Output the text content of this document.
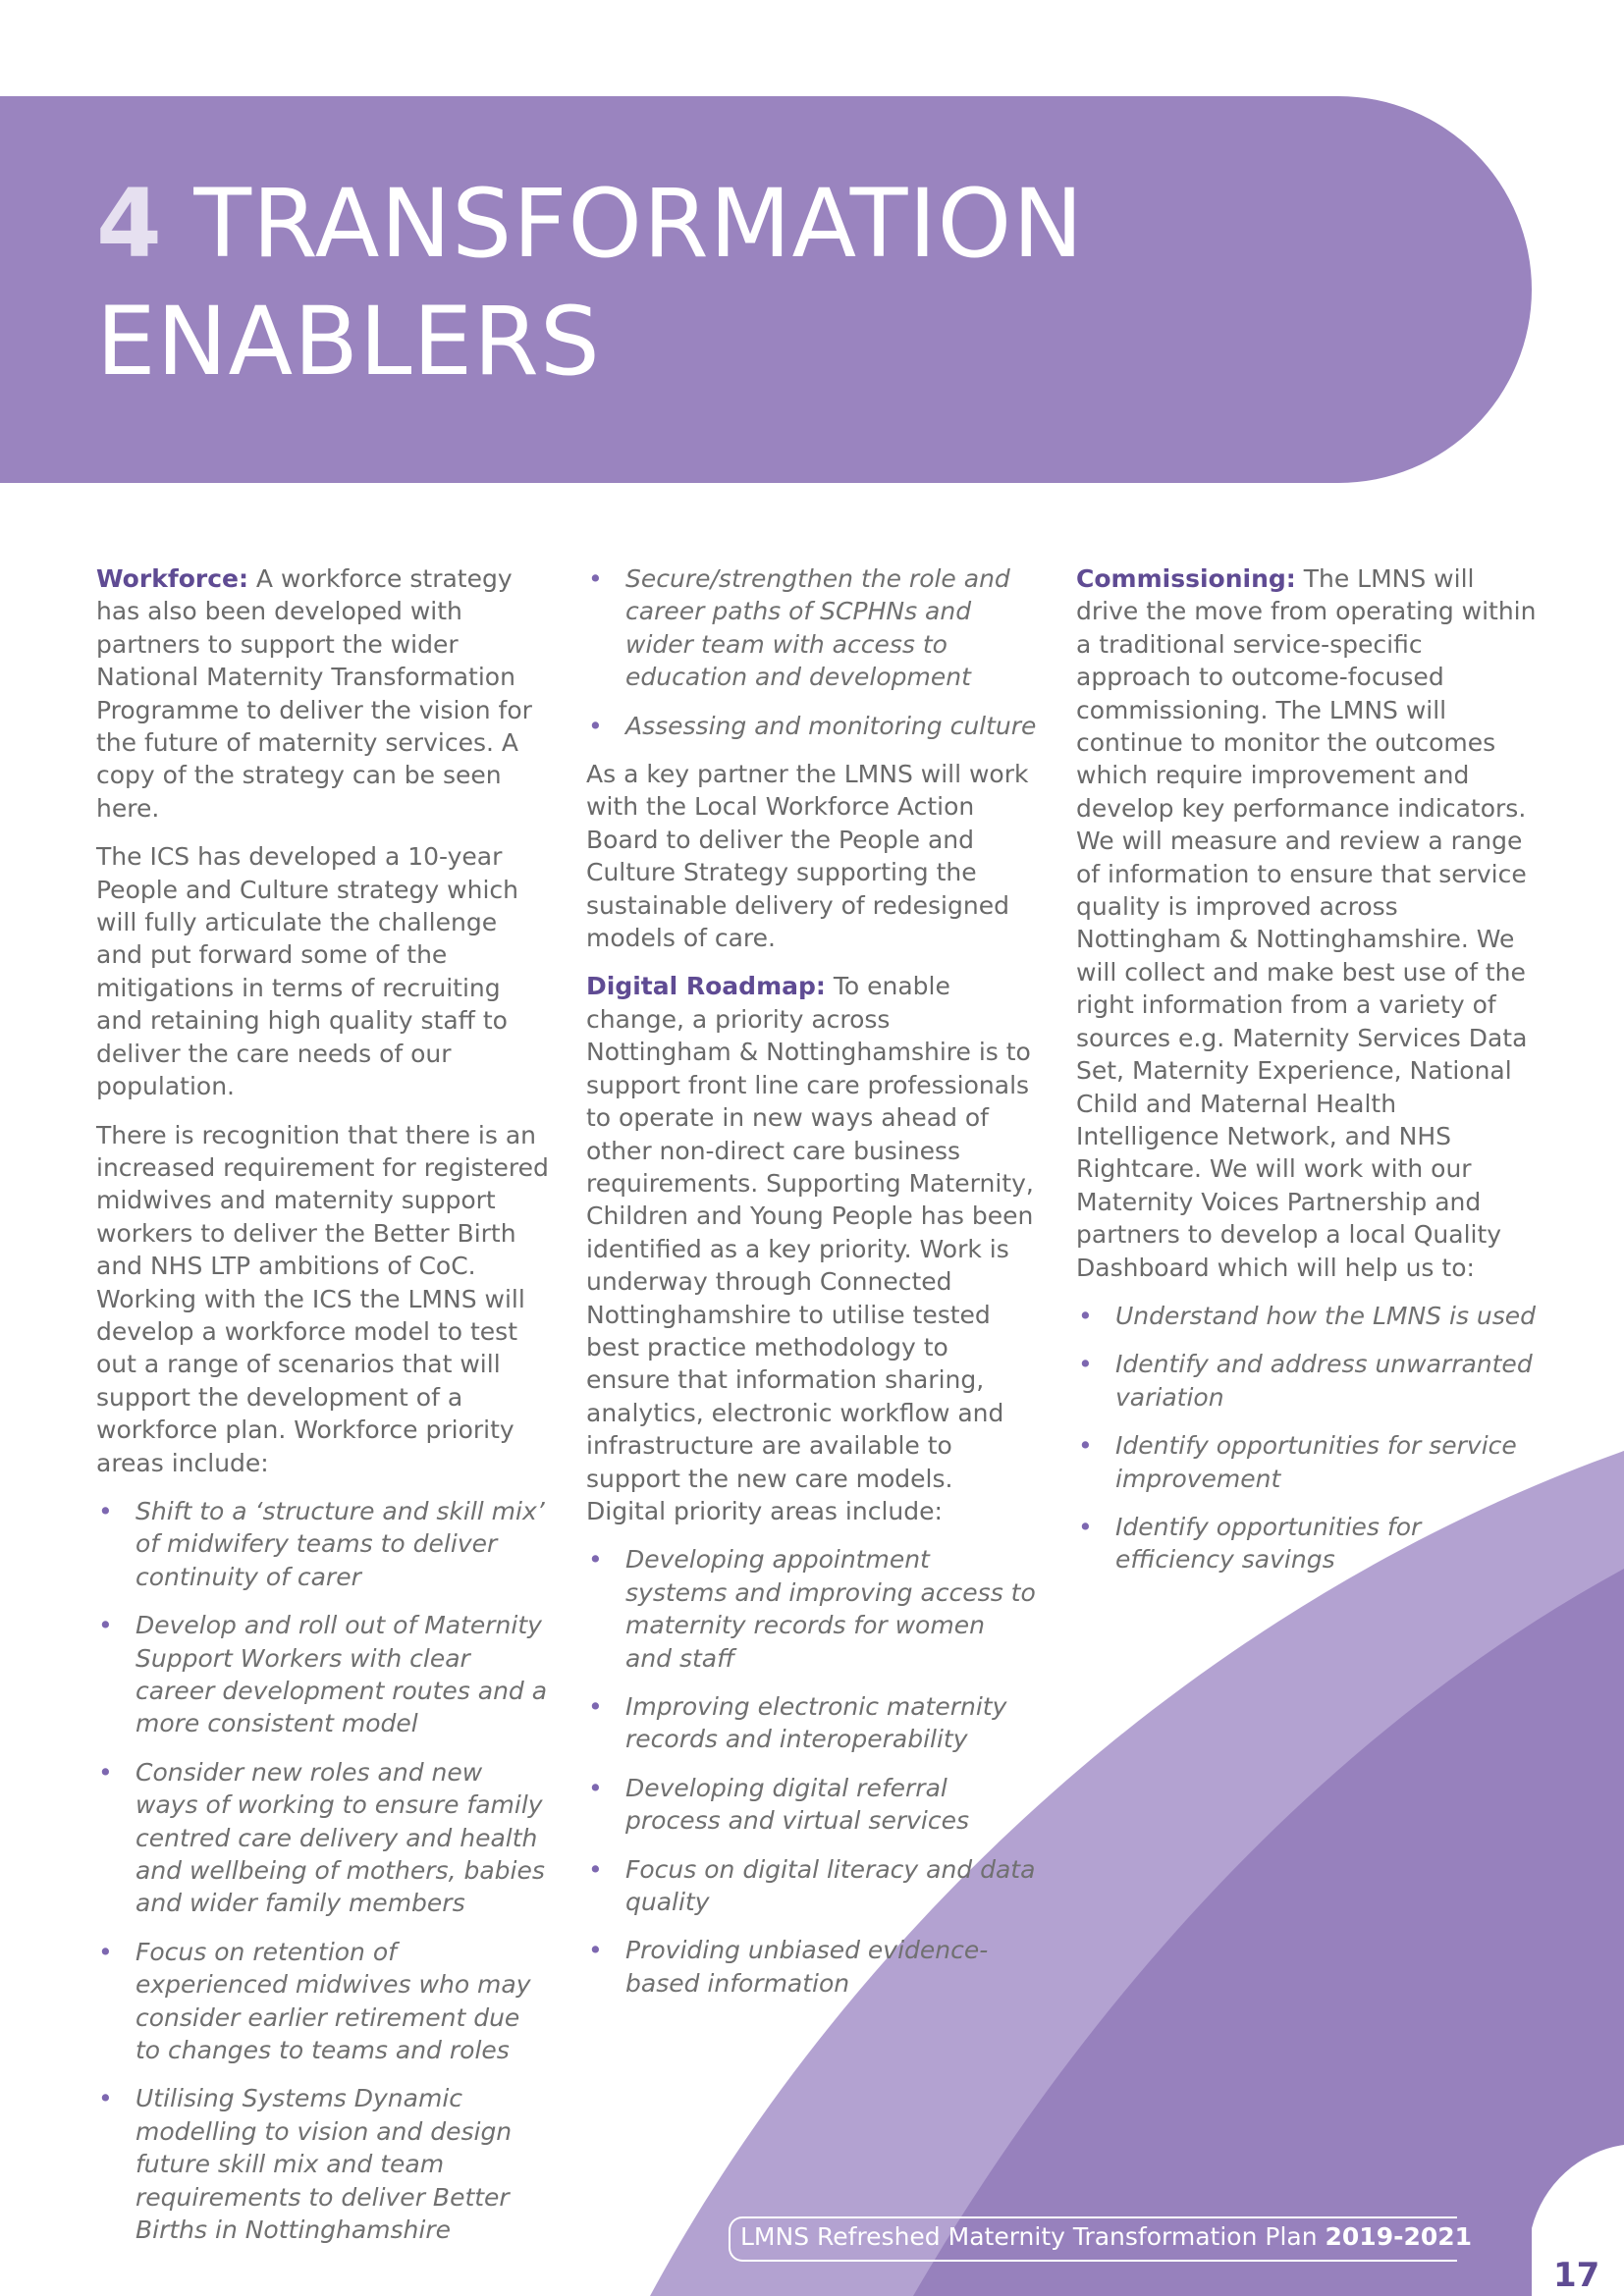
4 TRANSFORMATION
ENABLERS

Workforce: A workforce strategy has also been developed with partners to support the wider National Maternity Transformation Programme to deliver the vision for the future of maternity services. A copy of the strategy can be seen here.

The ICS has developed a 10-year People and Culture strategy which will fully articulate the challenge and put forward some of the mitigations in terms of recruiting and retaining high quality staff to deliver the care needs of our population.

There is recognition that there is an increased requirement for registered midwives and maternity support workers to deliver the Better Birth and NHS LTP ambitions of CoC. Working with the ICS the LMNS will develop a workforce model to test out a range of scenarios that will support the development of a workforce plan. Workforce priority areas include:

• Shift to a ‘structure and skill mix’ of midwifery teams to deliver continuity of carer
• Develop and roll out of Maternity Support Workers with clear career development routes and a more consistent model
• Consider new roles and new ways of working to ensure family centred care delivery and health and wellbeing of mothers, babies and wider family members
• Focus on retention of experienced midwives who may consider earlier retirement due to changes to teams and roles
• Utilising Systems Dynamic modelling to vision and design future skill mix and team requirements to deliver Better Births in Nottinghamshire
• Secure/strengthen the role and career paths of SCPHNs and wider team with access to education and development
• Assessing and monitoring culture

As a key partner the LMNS will work with the Local Workforce Action Board to deliver the People and Culture Strategy supporting the sustainable delivery of redesigned models of care.

Digital Roadmap: To enable change, a priority across Nottingham & Nottinghamshire is to support front line care professionals to operate in new ways ahead of other non-direct care business requirements. Supporting Maternity, Children and Young People has been identified as a key priority. Work is underway through Connected Nottinghamshire to utilise tested best practice methodology to ensure that information sharing, analytics, electronic workflow and infrastructure are available to support the new care models. Digital priority areas include:

• Developing appointment systems and improving access to maternity records for women and staff
• Improving electronic maternity records and interoperability
• Developing digital referral process and virtual services
• Focus on digital literacy and data quality
• Providing unbiased evidence-based information

Commissioning: The LMNS will drive the move from operating within a traditional service-specific approach to outcome-focused commissioning. The LMNS will continue to monitor the outcomes which require improvement and develop key performance indicators. We will measure and review a range of information to ensure that service quality is improved across Nottingham & Nottinghamshire. We will collect and make best use of the right information from a variety of sources e.g. Maternity Services Data Set, Maternity Experience, National Child and Maternal Health Intelligence Network, and NHS Rightcare. We will work with our Maternity Voices Partnership and partners to develop a local Quality Dashboard which will help us to:

• Understand how the LMNS is used
• Identify and address unwarranted variation
• Identify opportunities for service improvement
• Identify opportunities for efficiency savings
LMNS Refreshed Maternity Transformation Plan 2019-2021

17
